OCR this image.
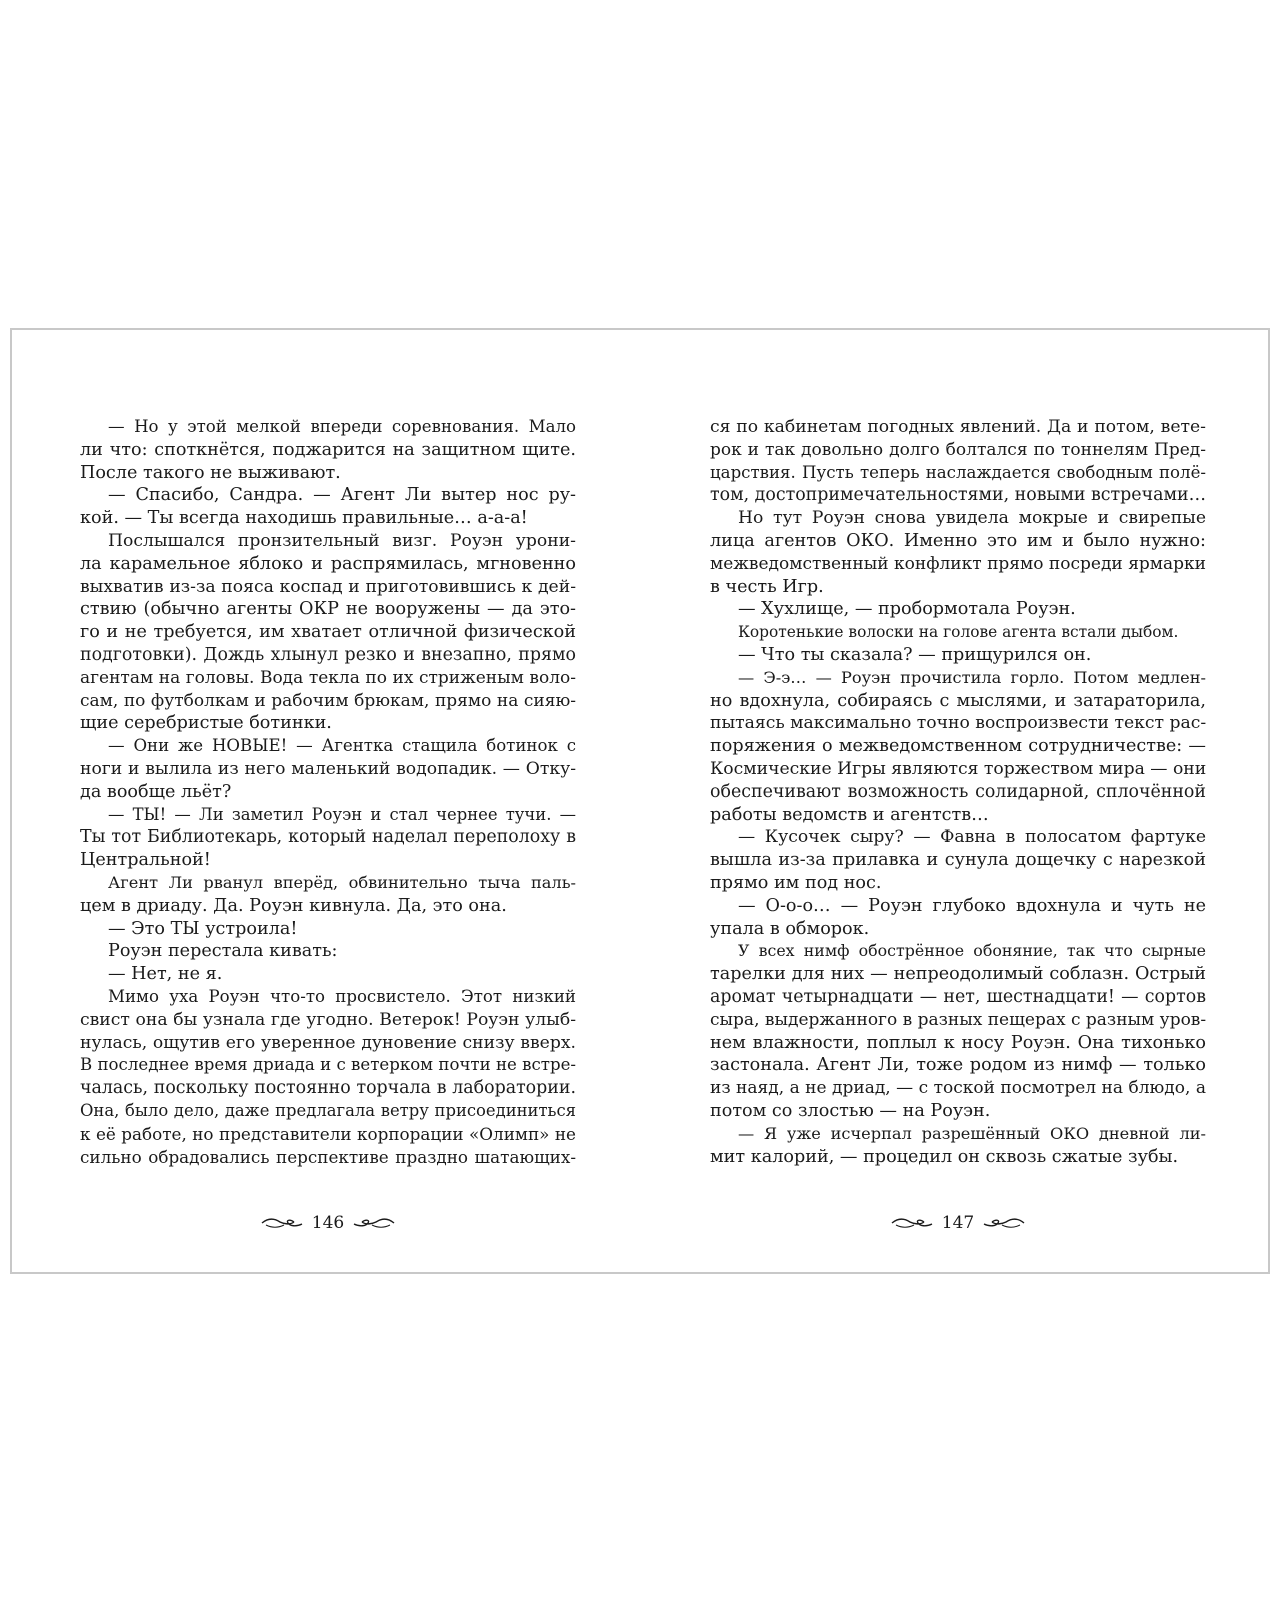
— Но у этой мелкой впереди соревнования. Мало
ли что: споткнётся, поджарится на защитном щите.
После такого не выживают.
— Спасибо, Сандра. — Агент Ли вытер нос ру-
кой. — Ты всегда находишь правильные… а-а-а!
Послышался пронзительный визг. Роуэн урони-
ла карамельное яблоко и распрямилась, мгновенно
выхватив из-за пояса коспад и приготовившись к дей-
ствию (обычно агенты ОКР не вооружены — да это-
го и не требуется, им хватает отличной физической
подготовки). Дождь хлынул резко и внезапно, прямо
агентам на головы. Вода текла по их стриженым воло-
сам, по футболкам и рабочим брюкам, прямо на сияю-
щие серебристые ботинки.
— Они же НОВЫЕ! — Агентка стащила ботинок с
ноги и вылила из него маленький водопадик. — Отку-
да вообще льёт?
— ТЫ! — Ли заметил Роуэн и стал чернее тучи. —
Ты тот Библиотекарь, который наделал переполоху в
Центральной!
Агент Ли рванул вперёд, обвинительно тыча паль-
цем в дриаду. Да. Роуэн кивнула. Да, это она.
— Это ТЫ устроила!
Роуэн перестала кивать:
— Нет, не я.
Мимо уха Роуэн что-то просвистело. Этот низкий
свист она бы узнала где угодно. Ветерок! Роуэн улыб-
нулась, ощутив его уверенное дуновение снизу вверх.
В последнее время дриада и с ветерком почти не встре-
чалась, поскольку постоянно торчала в лаборатории.
Она, было дело, даже предлагала ветру присоединиться
к её работе, но представители корпорации «Олимп» не
сильно обрадовались перспективе праздно шатающих-
146
ся по кабинетам погодных явлений. Да и потом, вете-
рок и так довольно долго болтался по тоннелям Пред-
царствия. Пусть теперь наслаждается свободным полё-
том, достопримечательностями, новыми встречами…
Но тут Роуэн снова увидела мокрые и свирепые
лица агентов ОКО. Именно это им и было нужно:
межведомственный конфликт прямо посреди ярмарки
в честь Игр.
— Хухлище, — пробормотала Роуэн.
Коротенькие волоски на голове агента встали дыбом.
— Что ты сказала? — прищурился он.
— Э-э… — Роуэн прочистила горло. Потом медлен-
но вдохнула, собираясь с мыслями, и затараторила,
пытаясь максимально точно воспроизвести текст рас-
поряжения о межведомственном сотрудничестве: —
Космические Игры являются торжеством мира — они
обеспечивают возможность солидарной, сплочённой
работы ведомств и агентств…
— Кусочек сыру? — Фавна в полосатом фартуке
вышла из-за прилавка и сунула дощечку с нарезкой
прямо им под нос.
— О-о-о… — Роуэн глубоко вдохнула и чуть не
упала в обморок.
У всех нимф обострённое обоняние, так что сырные
тарелки для них — непреодолимый соблазн. Острый
аромат четырнадцати — нет, шестнадцати! — сортов
сыра, выдержанного в разных пещерах с разным уров-
нем влажности, поплыл к носу Роуэн. Она тихонько
застонала. Агент Ли, тоже родом из нимф — только
из наяд, а не дриад, — с тоской посмотрел на блюдо, а
потом со злостью — на Роуэн.
— Я уже исчерпал разрешённый ОКО дневной ли-
мит калорий, — процедил он сквозь сжатые зубы.
147
